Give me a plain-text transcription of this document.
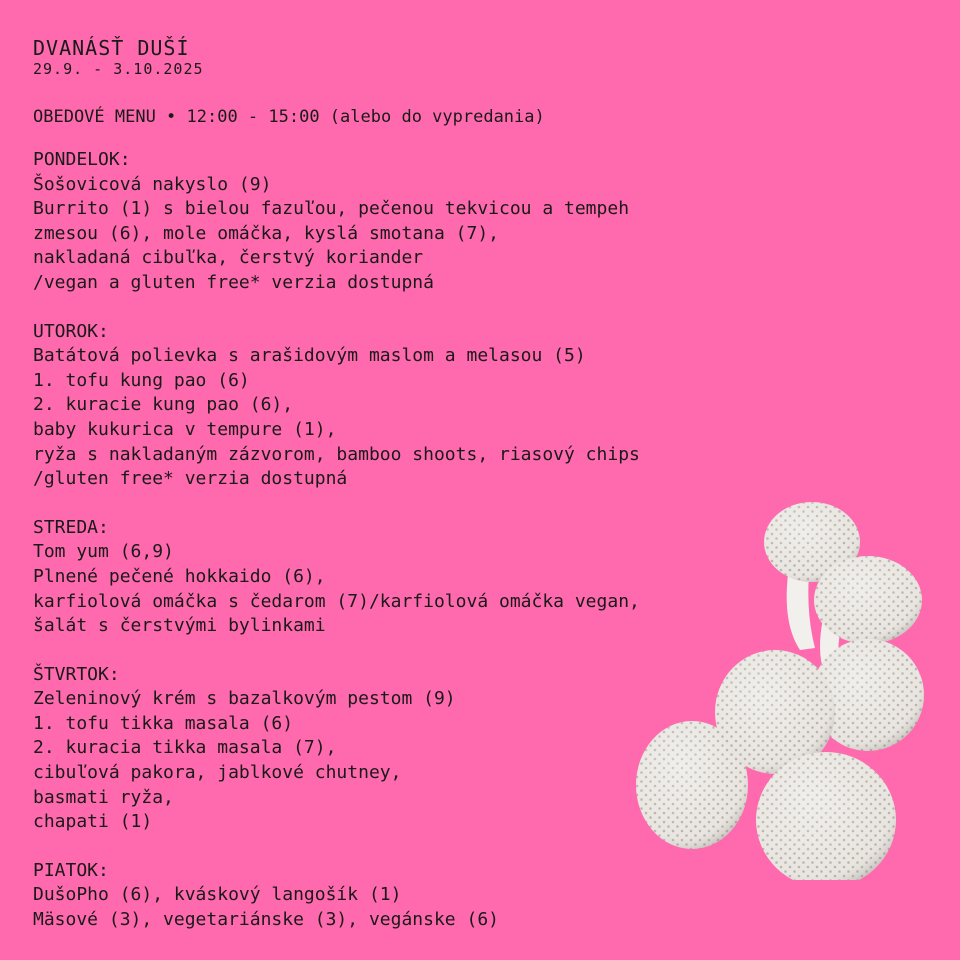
DVANÁSŤ DUŠÍ
29.9. - 3.10.2025
OBEDOVÉ MENU • 12:00 - 15:00 (alebo do vypredania)
PONDELOK:
Šošovicová nakyslo (9)
Burrito (1) s bielou fazuľou, pečenou tekvicou a tempeh
zmesou (6), mole omáčka, kyslá smotana (7),
nakladaná cibuľka, čerstvý koriander
/vegan a gluten free* verzia dostupná
UTOROK:
Batátová polievka s arašidovým maslom a melasou (5)
1. tofu kung pao (6)
2. kuracie kung pao (6),
baby kukurica v tempure (1),
ryža s nakladaným zázvorom, bamboo shoots, riasový chips
/gluten free* verzia dostupná
STREDA:
Tom yum (6,9)
Plnené pečené hokkaido (6),
karfiolová omáčka s čedarom (7)/karfiolová omáčka vegan,
šalát s čerstvými bylinkami
ŠTVRTOK:
Zeleninový krém s bazalkovým pestom (9)
1. tofu tikka masala (6)
2. kuracia tikka masala (7),
cibuľová pakora, jablkové chutney,
basmati ryža,
chapati (1)
PIATOK:
DušoPho (6), kváskový langošík (1)
Mäsové (3), vegetariánske (3), vegánske (6)
